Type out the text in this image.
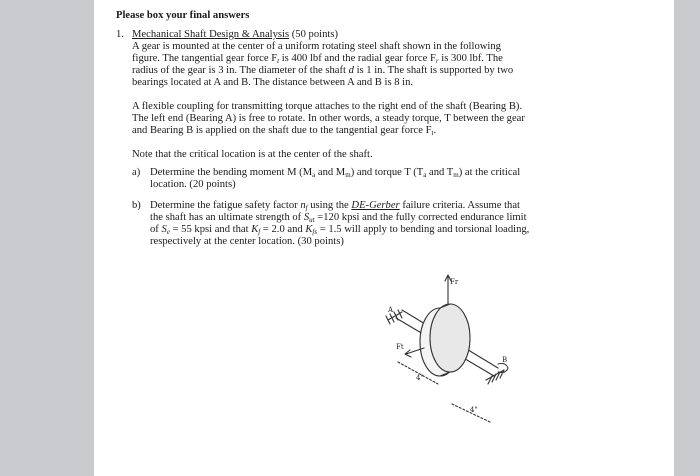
Please box your final answers
1. Mechanical Shaft Design & Analysis (50 points)
A gear is mounted at the center of a uniform rotating steel shaft shown in the following
figure. The tangential gear force $F_t$ is 400 lbf and the radial gear force $F_r$ is 300 lbf. The
radius of the gear is 3 in. The diameter of the shaft d is 1 in. The shaft is supported by two
bearings located at A and B. The distance between A and B is 8 in.
A flexible coupling for transmitting torque attaches to the right end of the shaft (Bearing B).
The left end (Bearing A) is free to rotate. In other words, a steady torque, T between the gear
and Bearing B is applied on the shaft due to the tangential gear force $F_t$.
Note that the critical location is at the center of the shaft.
a) Determine the bending moment M ($M_a$ and $M_m$) and torque T ($T_a$ and $T_m$) at the critical
location. (20 points)
b) Determine the fatigue safety factor $n_f$ using the DE-Gerber failure criteria. Assume that
the shaft has an ultimate strength of $S_{ut} =120$ kpsi and the fully corrected endurance limit
of $S_e = 55$ kpsi and that $K_f = 2.0$ and $K_{fs} = 1.5$ will apply to bending and torsional loading,
respectively at the center location. (30 points)
Fr
Ft
A
B
4"
4"
